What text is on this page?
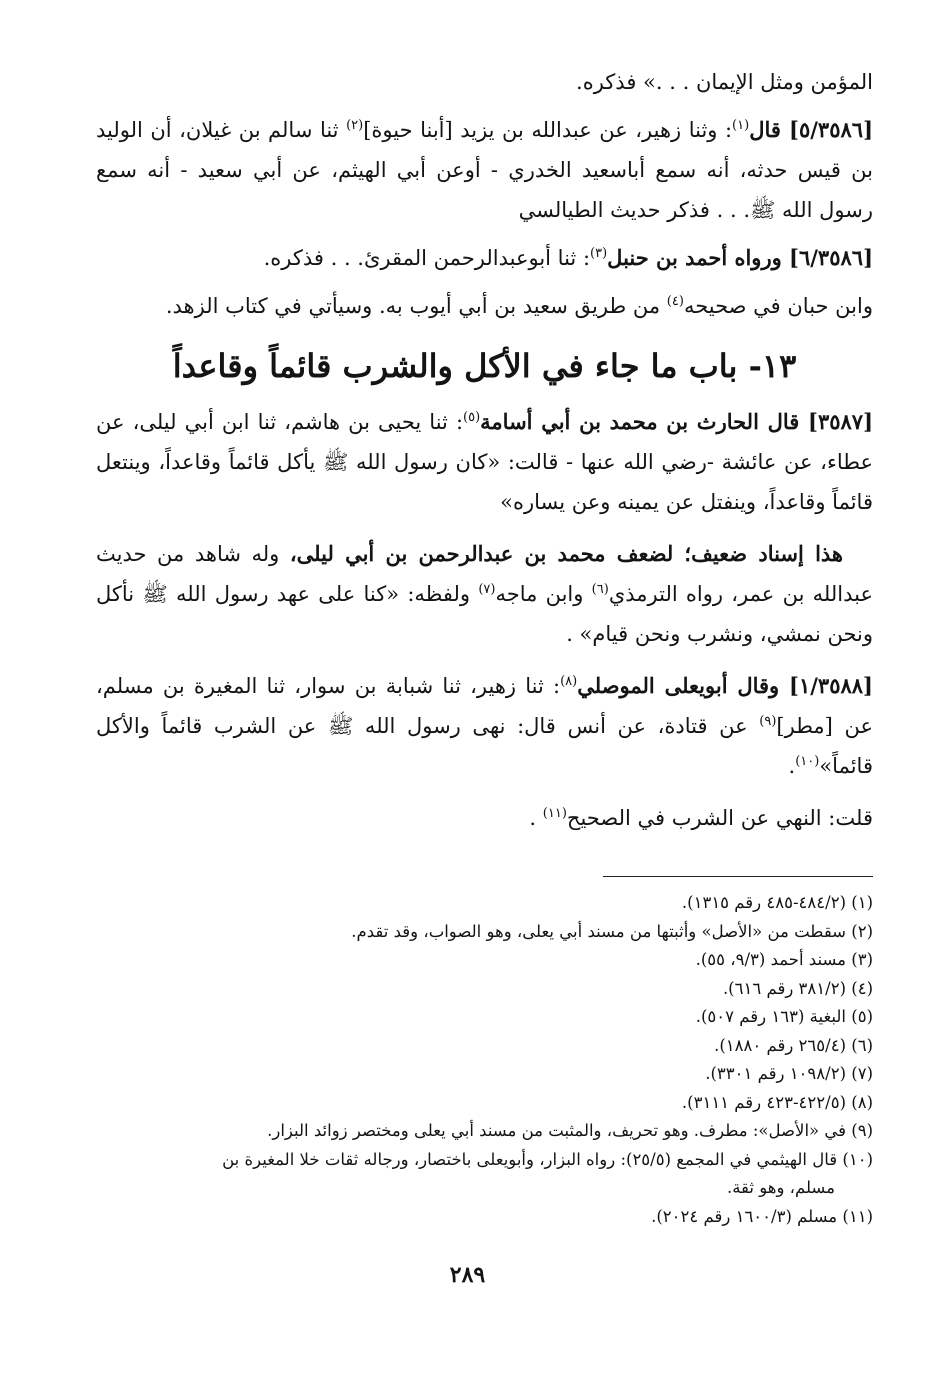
المؤمن ومثل الإيمان . . .» فذكره.

[٥/٣٥٨٦] قال$^{(١)}$: وثنا زهير، عن عبدالله بن يزيد [أبنا حيوة]$^{(٢)}$ ثنا سالم بن غيلان، أن الوليد بن قيس حدثه، أنه سمع أباسعيد الخدري - أوعن أبي الهيثم، عن أبي سعيد - أنه سمع رسول الله ﷺ. . . فذكر حديث الطيالسي

[٦/٣٥٨٦] ورواه أحمد بن حنبل$^{(٣)}$: ثنا أبوعبدالرحمن المقرئ. . . فذكره.

وابن حبان في صحيحه$^{(٤)}$ من طريق سعيد بن أبي أيوب به. وسيأتي في كتاب الزهد.

١٣- باب ما جاء في الأكل والشرب قائماً وقاعداً

[٣٥٨٧] قال الحارث بن محمد بن أبي أسامة$^{(٥)}$: ثنا يحيى بن هاشم، ثنا ابن أبي ليلى، عن عطاء، عن عائشة -رضي الله عنها - قالت: «كان رسول الله ﷺ يأكل قائماً وقاعداً، وينتعل قائماً وقاعداً، وينفتل عن يمينه وعن يساره»

هذا إسناد ضعيف؛ لضعف محمد بن عبدالرحمن بن أبي ليلى، وله شاهد من حديث عبدالله بن عمر، رواه الترمذي$^{(٦)}$ وابن ماجه$^{(٧)}$ ولفظه: «كنا على عهد رسول الله ﷺ نأكل ونحن نمشي، ونشرب ونحن قيام» .

[١/٣٥٨٨] وقال أبويعلى الموصلي$^{(٨)}$: ثنا زهير، ثنا شبابة بن سوار، ثنا المغيرة بن مسلم، عن [مطر]$^{(٩)}$ عن قتادة، عن أنس قال: نهى رسول الله ﷺ عن الشرب قائماً والأكل قائماً»$^{(١٠)}$.

قلت: النهي عن الشرب في الصحيح$^{(١١)}$ .

(١) (٤٨٤/٢-٤٨٥ رقم ١٣١٥).

(٢) سقطت من «الأصل» وأثبتها من مسند أبي يعلى، وهو الصواب، وقد تقدم.

(٣) مسند أحمد (٩/٣، ٥٥).

(٤) (٣٨١/٢ رقم ٦١٦).

(٥) البغية (١٦٣ رقم ٥٠٧).

(٦) (٢٦٥/٤ رقم ١٨٨٠).

(٧) (١٠٩٨/٢ رقم ٣٣٠١).

(٨) (٤٢٢/٥-٤٢٣ رقم ٣١١١).

(٩) في «الأصل»: مطرف. وهو تحريف، والمثبت من مسند أبي يعلى ومختصر زوائد البزار.

(١٠) قال الهيثمي في المجمع (٢٥/٥): رواه البزار، وأبويعلى باختصار، ورجاله ثقات خلا المغيرة بن

مسلم، وهو ثقة.

(١١) مسلم (١٦٠٠/٣ رقم ٢٠٢٤).

٢٨٩
